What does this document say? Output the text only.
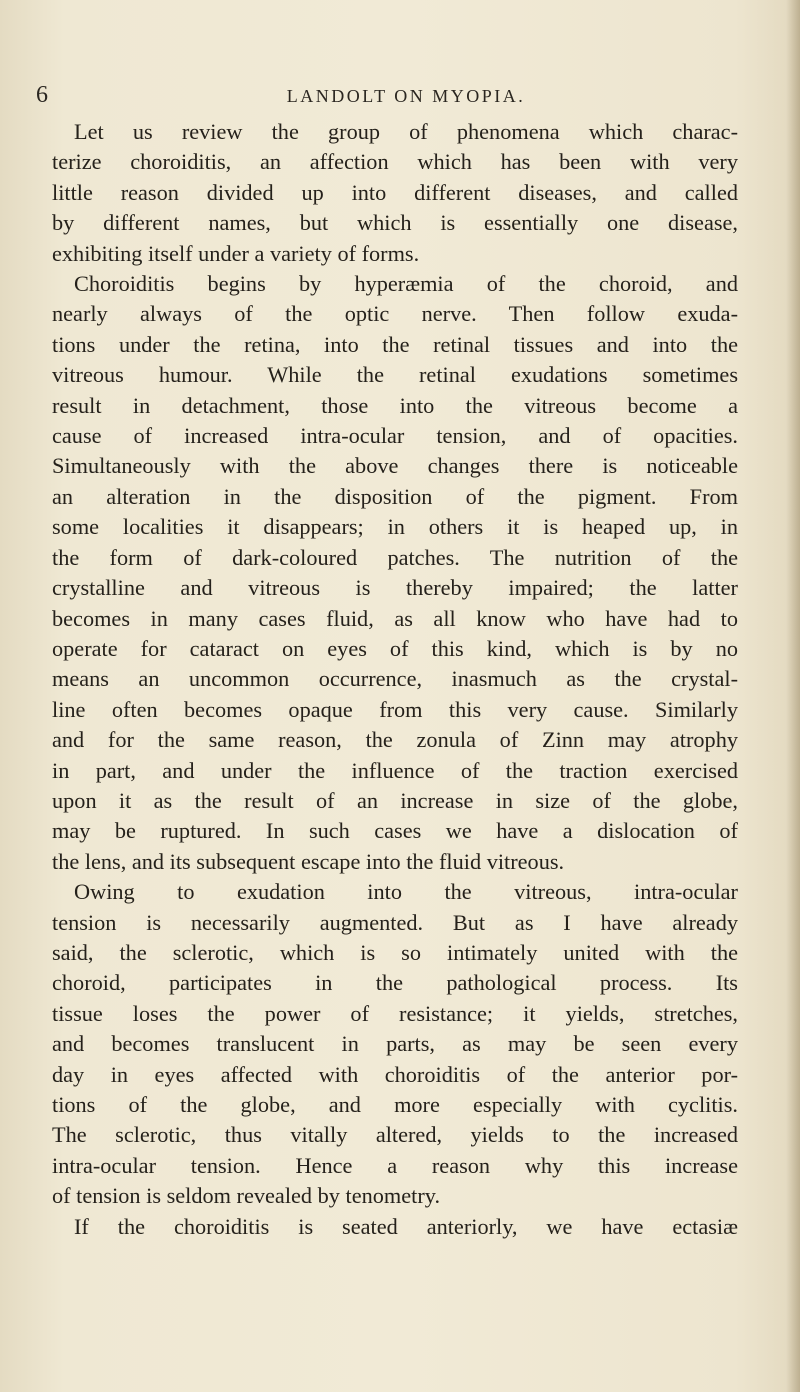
6	LANDOLT ON MYOPIA.
Let us review the group of phenomena which charac-
terize choroiditis, an affection which has been with very
little reason divided up into different diseases, and called
by different names, but which is essentially one disease,
exhibiting itself under a variety of forms.
Choroiditis begins by hyperæmia of the choroid, and
nearly always of the optic nerve. Then follow exuda-
tions under the retina, into the retinal tissues and into the
vitreous humour. While the retinal exudations sometimes
result in detachment, those into the vitreous become a
cause of increased intra-ocular tension, and of opacities.
Simultaneously with the above changes there is noticeable
an alteration in the disposition of the pigment. From
some localities it disappears; in others it is heaped up, in
the form of dark-coloured patches. The nutrition of the
crystalline and vitreous is thereby impaired; the latter
becomes in many cases fluid, as all know who have had to
operate for cataract on eyes of this kind, which is by no
means an uncommon occurrence, inasmuch as the crystal-
line often becomes opaque from this very cause. Similarly
and for the same reason, the zonula of Zinn may atrophy
in part, and under the influence of the traction exercised
upon it as the result of an increase in size of the globe,
may be ruptured. In such cases we have a dislocation of
the lens, and its subsequent escape into the fluid vitreous.
Owing to exudation into the vitreous, intra-ocular
tension is necessarily augmented. But as I have already
said, the sclerotic, which is so intimately united with the
choroid, participates in the pathological process. Its
tissue loses the power of resistance; it yields, stretches,
and becomes translucent in parts, as may be seen every
day in eyes affected with choroiditis of the anterior por-
tions of the globe, and more especially with cyclitis.
The sclerotic, thus vitally altered, yields to the increased
intra-ocular tension. Hence a reason why this increase
of tension is seldom revealed by tenometry.
If the choroiditis is seated anteriorly, we have ectasiæ
